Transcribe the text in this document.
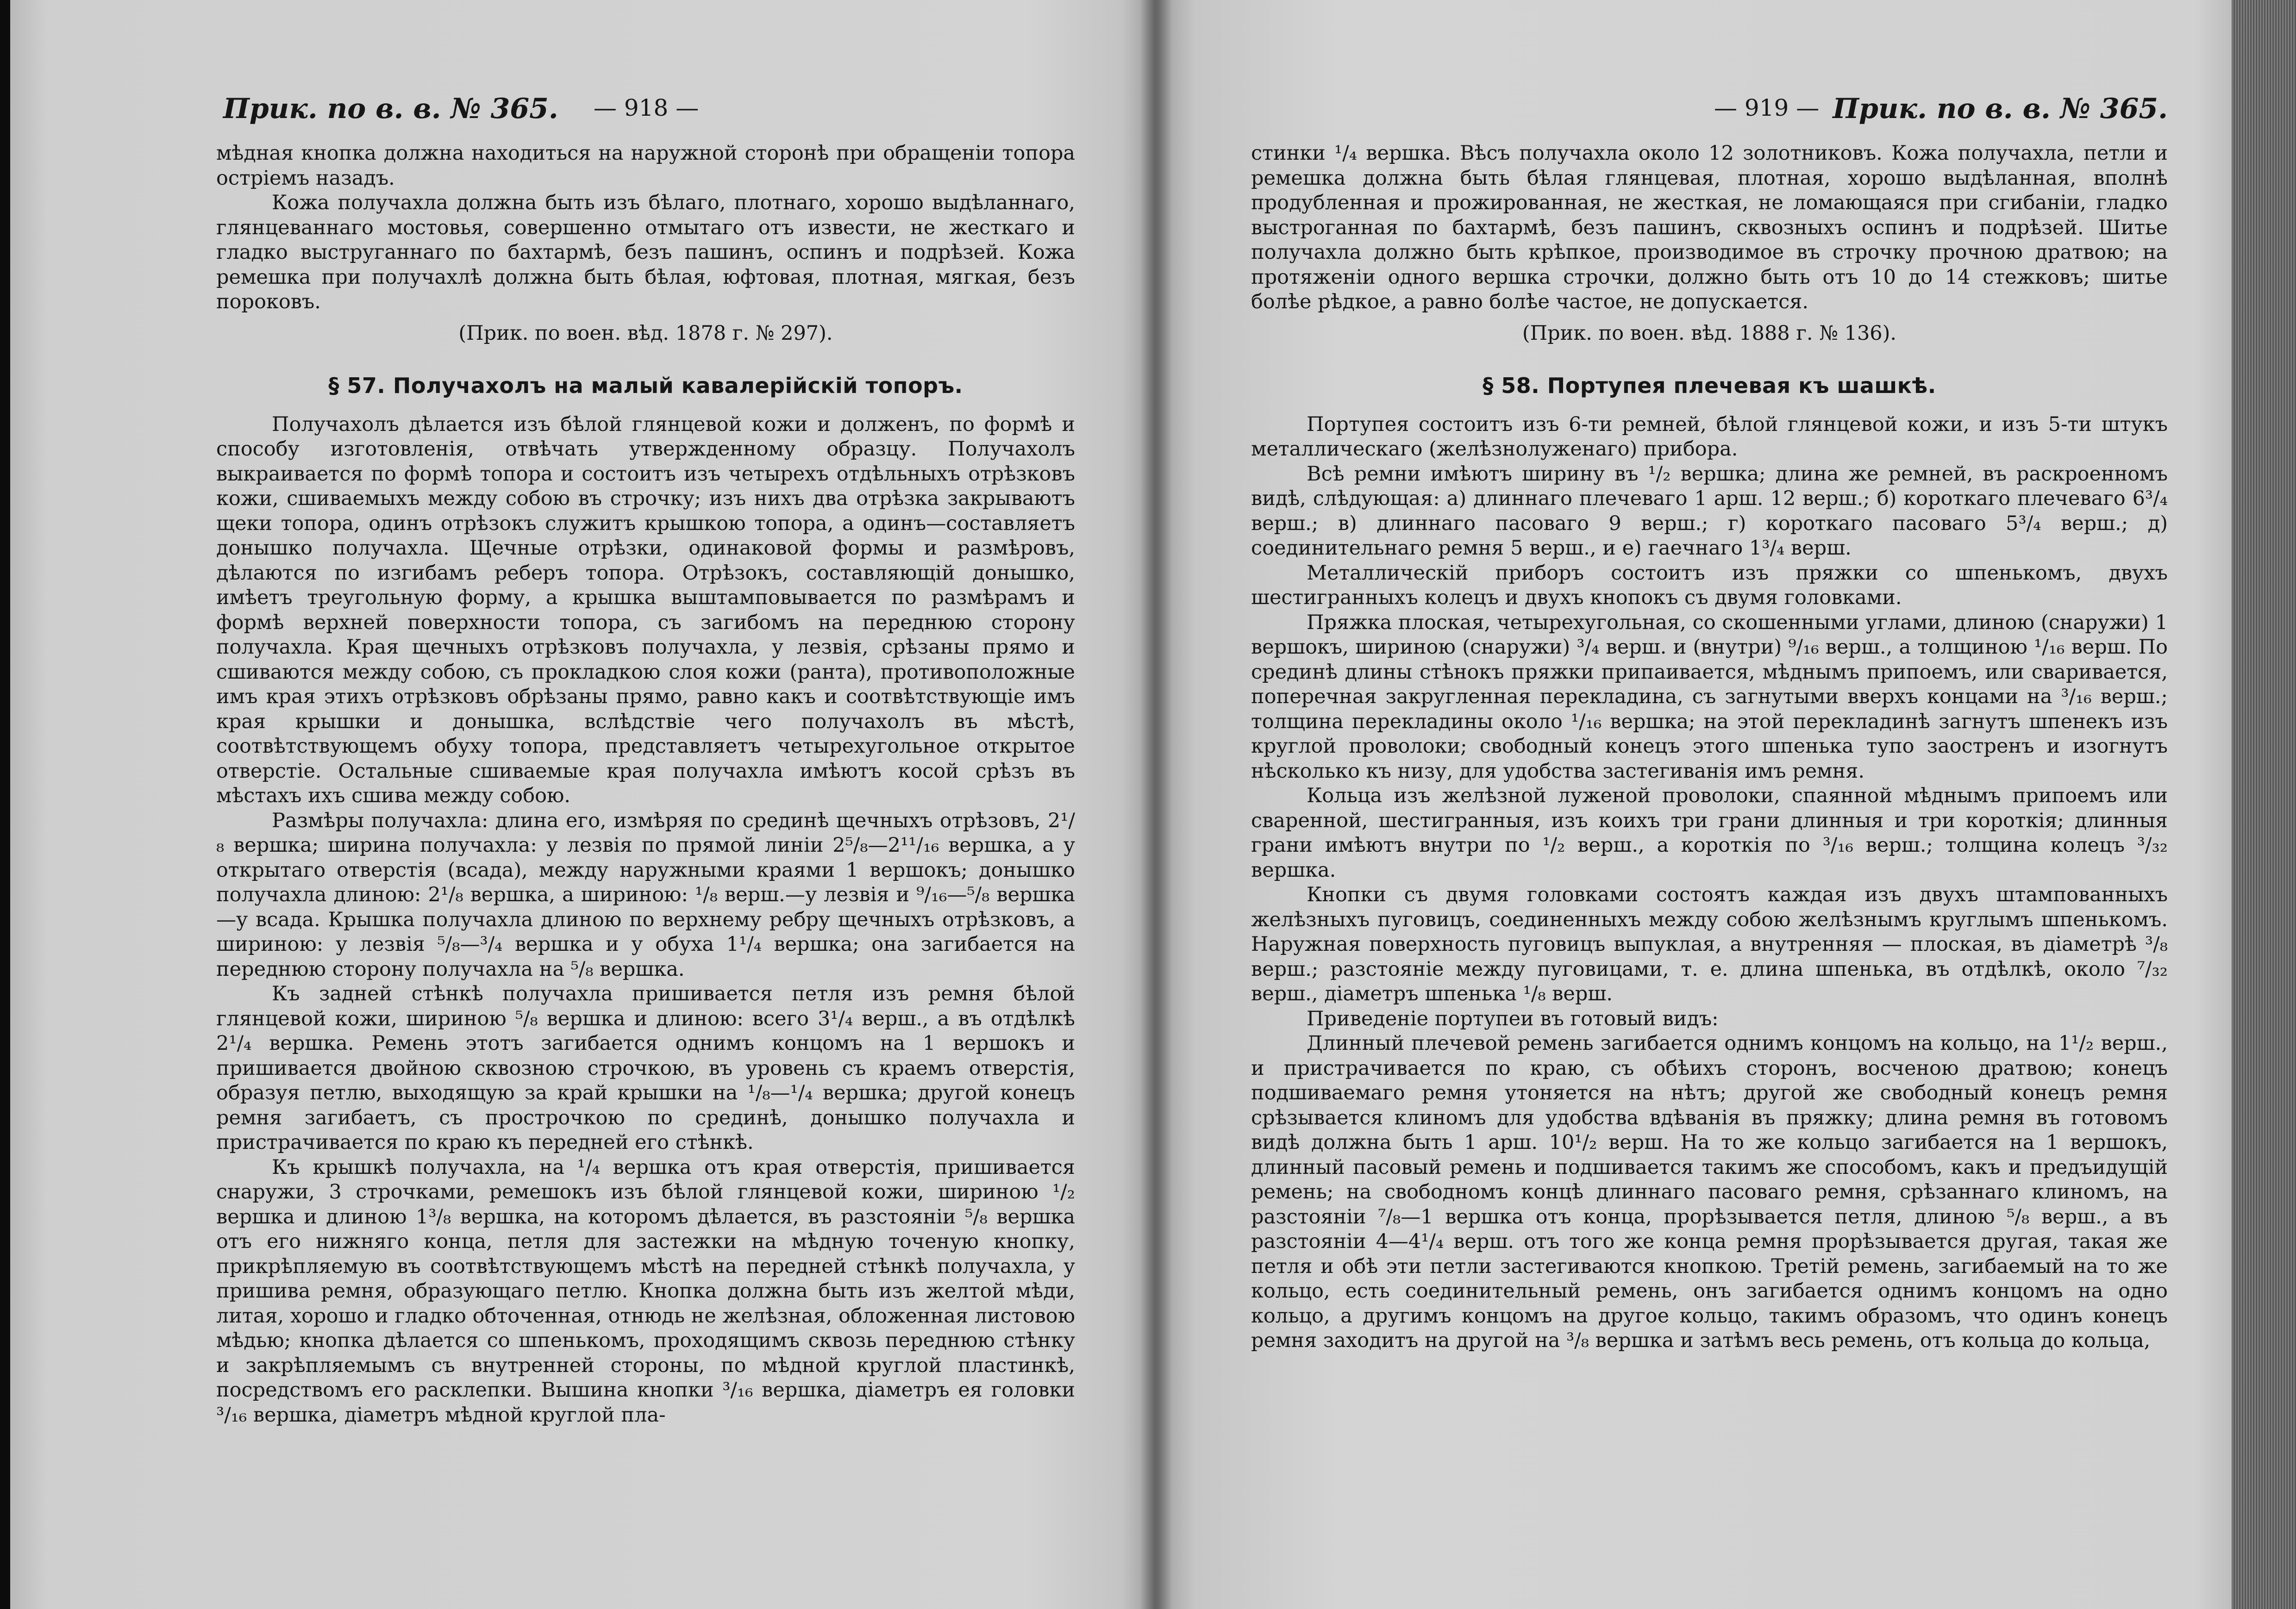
Прик. по в. в. № 365. — 918 —

мѣдная кнопка должна находиться на наружной сторонѣ при обращеніи топора остріемъ назадъ.

Кожа получахла должна быть изъ бѣлаго, плотнаго, хорошо выдѣланнаго, глянцеваннаго мостовья, совершенно отмытаго отъ извести, не жесткаго и гладко выструганнаго по бахтармѣ, безъ пашинъ, оспинъ и подрѣзей. Кожа ремешка при получахлѣ должна быть бѣлая, юфтовая, плотная, мягкая, безъ пороковъ.

(Прик. по воен. вѣд. 1878 г. № 297).

§ 57. Получахолъ на малый кавалерійскій топоръ.

Получахолъ дѣлается изъ бѣлой глянцевой кожи и долженъ, по формѣ и способу изготовленія, отвѣчать утвержденному образцу. Получахолъ выкраивается по формѣ топора и состоитъ изъ четырехъ отдѣльныхъ отрѣзковъ кожи, сшиваемыхъ между собою въ строчку; изъ нихъ два отрѣзка закрываютъ щеки топора, одинъ отрѣзокъ служитъ крышкою топора, а одинъ—составляетъ донышко получахла. Щечные отрѣзки, одинаковой формы и размѣровъ, дѣлаются по изгибамъ реберъ топора. Отрѣзокъ, составляющій донышко, имѣетъ треугольную форму, а крышка выштамповывается по размѣрамъ и формѣ верхней поверхности топора, съ загибомъ на переднюю сторону получахла. Края щечныхъ отрѣзковъ получахла, у лезвія, срѣзаны прямо и сшиваются между собою, съ прокладкою слоя кожи (ранта), противоположные имъ края этихъ отрѣзковъ обрѣзаны прямо, равно какъ и соотвѣтствующіе имъ края крышки и донышка, вслѣдствіе чего получахолъ въ мѣстѣ, соотвѣтствующемъ обуху топора, представляетъ четырехугольное открытое отверстіе. Остальные сшиваемые края получахла имѣютъ косой срѣзъ въ мѣстахъ ихъ сшива между собою.

Размѣры получахла: длина его, измѣряя по срединѣ щечныхъ отрѣзовъ, 2¹/₈ вершка; ширина получахла: у лезвія по прямой линіи 2⁵/₈—2¹¹/₁₆ вершка, а у открытаго отверстія (всада), между наружными краями 1 вершокъ; донышко получахла длиною: 2¹/₈ вершка, а шириною: ¹/₈ верш.—у лезвія и ⁹/₁₆—⁵/₈ вершка—у всада. Крышка получахла длиною по верхнему ребру щечныхъ отрѣзковъ, а шириною: у лезвія ⁵/₈—³/₄ вершка и у обуха 1¹/₄ вершка; она загибается на переднюю сторону получахла на ⁵/₈ вершка.

Къ задней стѣнкѣ получахла пришивается петля изъ ремня бѣлой глянцевой кожи, шириною ⁵/₈ вершка и длиною: всего 3¹/₄ верш., а въ отдѣлкѣ 2¹/₄ вершка. Ремень этотъ загибается однимъ концомъ на 1 вершокъ и пришивается двойною сквозною строчкою, въ уровень съ краемъ отверстія, образуя петлю, выходящую за край крышки на ¹/₈—¹/₄ вершка; другой конецъ ремня загибаетъ, съ прострочкою по срединѣ, донышко получахла и пристрачивается по краю къ передней его стѣнкѣ.

Къ крышкѣ получахла, на ¹/₄ вершка отъ края отверстія, пришивается снаружи, 3 строчками, ремешокъ изъ бѣлой глянцевой кожи, шириною ¹/₂ вершка и длиною 1³/₈ вершка, на которомъ дѣлается, въ разстояніи ⁵/₈ вершка отъ его нижняго конца, петля для застежки на мѣдную точеную кнопку, прикрѣпляемую въ соотвѣтствующемъ мѣстѣ на передней стѣнкѣ получахла, у пришива ремня, образующаго петлю. Кнопка должна быть изъ желтой мѣди, литая, хорошо и гладко обточенная, отнюдь не желѣзная, обложенная листовою мѣдью; кнопка дѣлается со шпенькомъ, проходящимъ сквозь переднюю стѣнку и закрѣпляемымъ съ внутренней стороны, по мѣдной круглой пластинкѣ, посредствомъ его расклепки. Вышина кнопки ³/₁₆ вершка, діаметръ ея головки ³/₁₆ вершка, діаметръ мѣдной круглой пла-

— 919 — Прик. по в. в. № 365.

стинки ¹/₄ вершка. Вѣсъ получахла около 12 золотниковъ. Кожа получахла, петли и ремешка должна быть бѣлая глянцевая, плотная, хорошо выдѣланная, вполнѣ продубленная и прожированная, не жесткая, не ломающаяся при сгибаніи, гладко выстроганная по бахтармѣ, безъ пашинъ, сквозныхъ оспинъ и подрѣзей. Шитье получахла должно быть крѣпкое, производимое въ строчку прочною дратвою; на протяженіи одного вершка строчки, должно быть отъ 10 до 14 стежковъ; шитье болѣе рѣдкое, а равно болѣе частое, не допускается.

(Прик. по воен. вѣд. 1888 г. № 136).

§ 58. Портупея плечевая къ шашкѣ.

Портупея состоитъ изъ 6-ти ремней, бѣлой глянцевой кожи, и изъ 5-ти штукъ металлическаго (желѣзнолуженаго) прибора.

Всѣ ремни имѣютъ ширину въ ¹/₂ вершка; длина же ремней, въ раскроенномъ видѣ, слѣдующая: а) длиннаго плечеваго 1 арш. 12 верш.; б) короткаго плечеваго 6³/₄ верш.; в) длиннаго пасоваго 9 верш.; г) короткаго пасоваго 5³/₄ верш.; д) соединительнаго ремня 5 верш., и е) гаечнаго 1³/₄ верш.

Металлическій приборъ состоитъ изъ пряжки со шпенькомъ, двухъ шестигранныхъ колецъ и двухъ кнопокъ съ двумя головками.

Пряжка плоская, четырехугольная, со скошенными углами, длиною (снаружи) 1 вершокъ, шириною (снаружи) ³/₄ верш. и (внутри) ⁹/₁₆ верш., а толщиною ¹/₁₆ верш. По срединѣ длины стѣнокъ пряжки припаивается, мѣднымъ припоемъ, или сваривается, поперечная закругленная перекладина, съ загнутыми вверхъ концами на ³/₁₆ верш.; толщина перекладины около ¹/₁₆ вершка; на этой перекладинѣ загнутъ шпенекъ изъ круглой проволоки; свободный конецъ этого шпенька тупо заостренъ и изогнутъ нѣсколько къ низу, для удобства застегиванія имъ ремня.

Кольца изъ желѣзной луженой проволоки, спаянной мѣднымъ припоемъ или сваренной, шестигранныя, изъ коихъ три грани длинныя и три короткія; длинныя грани имѣютъ внутри по ¹/₂ верш., а короткія по ³/₁₆ верш.; толщина колецъ ³/₃₂ вершка.

Кнопки съ двумя головками состоятъ каждая изъ двухъ штампованныхъ желѣзныхъ пуговицъ, соединенныхъ между собою желѣзнымъ круглымъ шпенькомъ. Наружная поверхность пуговицъ выпуклая, а внутренняя — плоская, въ діаметрѣ ³/₈ верш.; разстояніе между пуговицами, т. е. длина шпенька, въ отдѣлкѣ, около ⁷/₃₂ верш., діаметръ шпенька ¹/₈ верш.

Приведеніе портупеи въ готовый видъ:

Длинный плечевой ремень загибается однимъ концомъ на кольцо, на 1¹/₂ верш., и пристрачивается по краю, съ обѣихъ сторонъ, восченою дратвою; конецъ подшиваемаго ремня утоняется на нѣтъ; другой же свободный конецъ ремня срѣзывается клиномъ для удобства вдѣванія въ пряжку; длина ремня въ готовомъ видѣ должна быть 1 арш. 10¹/₂ верш. На то же кольцо загибается на 1 вершокъ, длинный пасовый ремень и подшивается такимъ же способомъ, какъ и предъидущій ремень; на свободномъ концѣ длиннаго пасоваго ремня, срѣзаннаго клиномъ, на разстояніи ⁷/₈—1 вершка отъ конца, прорѣзывается петля, длиною ⁵/₈ верш., а въ разстояніи 4—4¹/₄ верш. отъ того же конца ремня прорѣзывается другая, такая же петля и обѣ эти петли застегиваются кнопкою. Третій ремень, загибаемый на то же кольцо, есть соединительный ремень, онъ загибается однимъ концомъ на одно кольцо, а другимъ концомъ на другое кольцо, такимъ образомъ, что одинъ конецъ ремня заходитъ на другой на ³/₈ вершка и затѣмъ весь ремень, отъ кольца до кольца,
